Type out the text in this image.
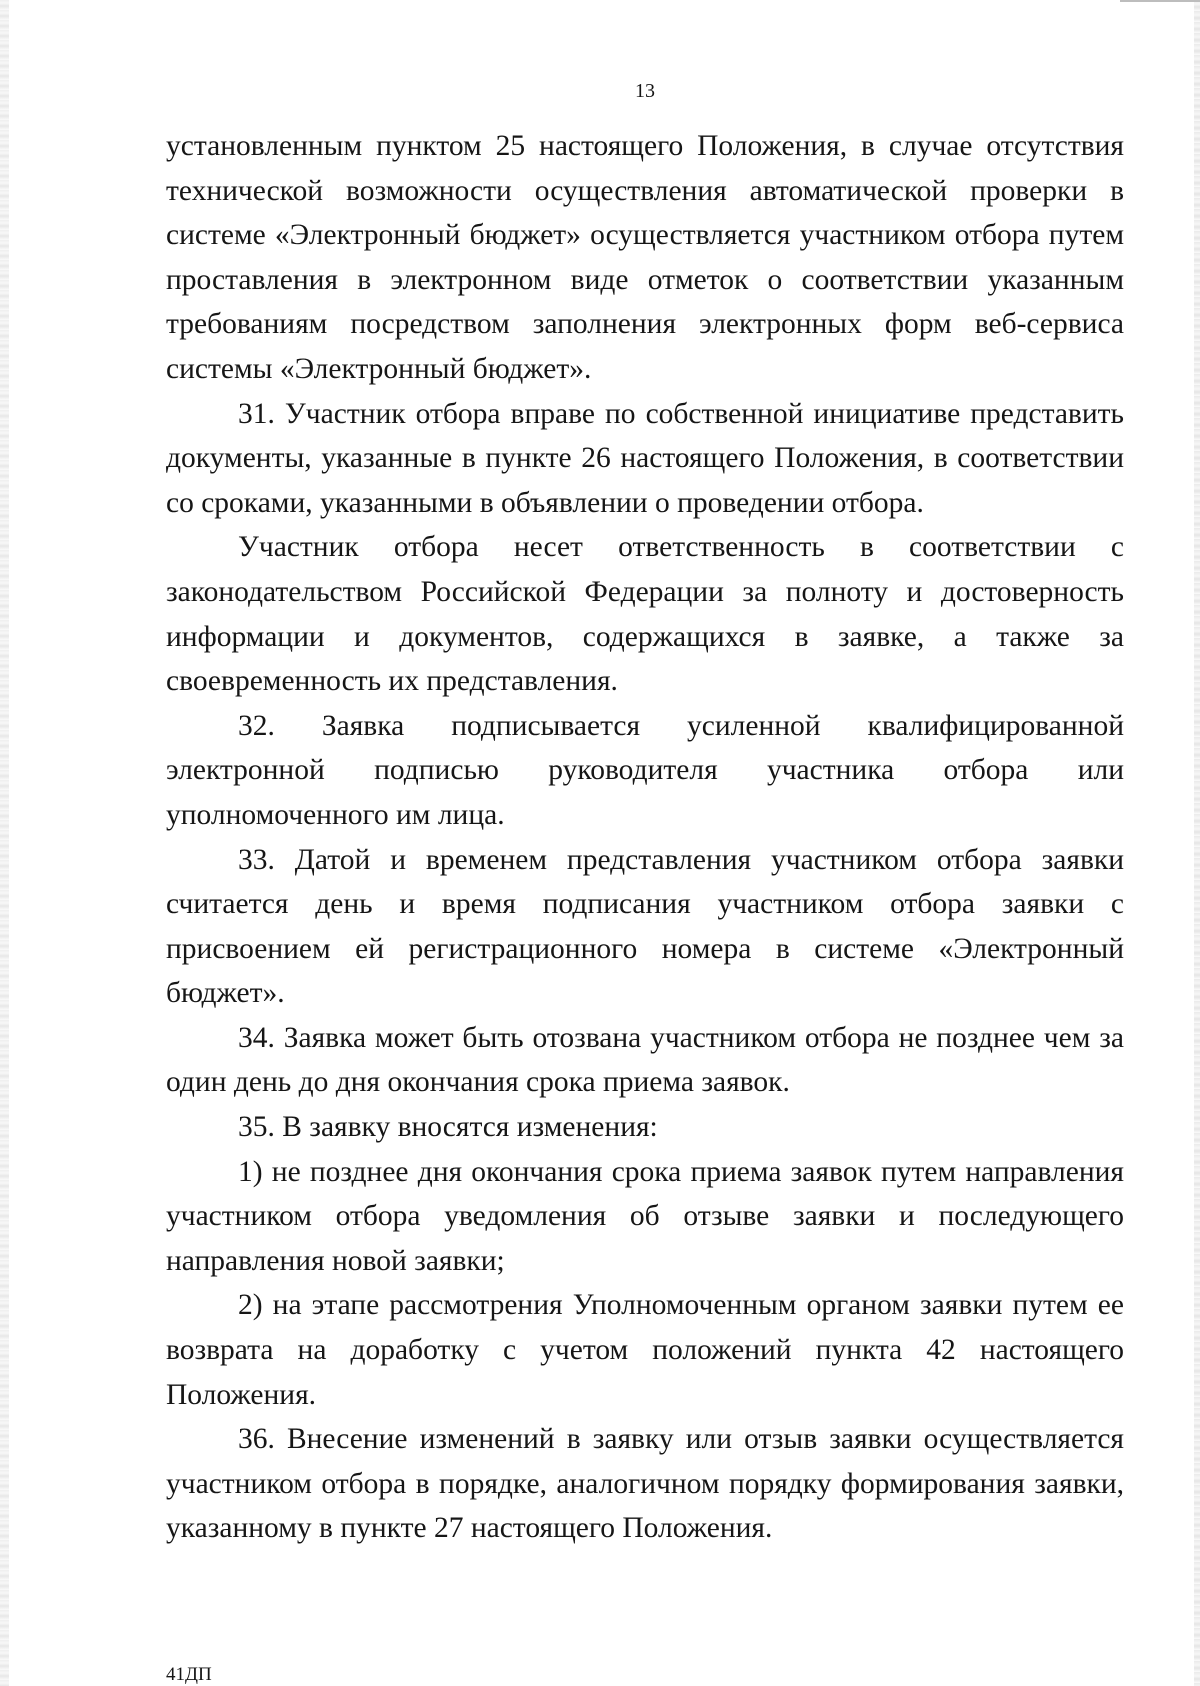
13

установленным пунктом 25 настоящего Положения, в случае отсутствия технической возможности осуществления автоматической проверки в системе «Электронный бюджет» осуществляется участником отбора путем проставления в электронном виде отметок о соответствии указанным требованиям посредством заполнения электронных форм веб-сервиса системы «Электронный бюджет».

31. Участник отбора вправе по собственной инициативе представить документы, указанные в пункте 26 настоящего Положения, в соответствии со сроками, указанными в объявлении о проведении отбора.

Участник отбора несет ответственность в соответствии с законодательством Российской Федерации за полноту и достоверность информации и документов, содержащихся в заявке, а также за своевременность их представления.

32. Заявка подписывается усиленной квалифицированной электронной подписью руководителя участника отбора или уполномоченного им лица.

33. Датой и временем представления участником отбора заявки считается день и время подписания участником отбора заявки с присвоением ей регистрационного номера в системе «Электронный бюджет».

34. Заявка может быть отозвана участником отбора не позднее чем за один день до дня окончания срока приема заявок.

35. В заявку вносятся изменения:

1) не позднее дня окончания срока приема заявок путем направления участником отбора уведомления об отзыве заявки и последующего направления новой заявки;

2) на этапе рассмотрения Уполномоченным органом заявки путем ее возврата на доработку с учетом положений пункта 42 настоящего Положения.

36. Внесение изменений в заявку или отзыв заявки осуществляется участником отбора в порядке, аналогичном порядку формирования заявки, указанному в пункте 27 настоящего Положения.

41ДП
